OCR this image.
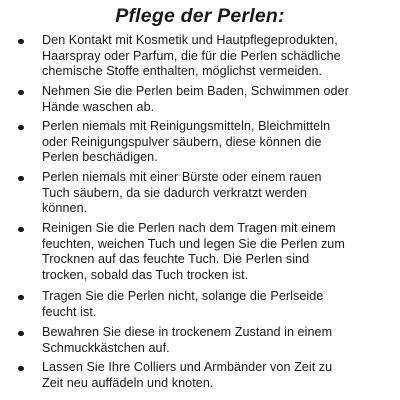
Pflege der Perlen:
Den Kontakt mit Kosmetik und Hautpflegeprodukten,
Haarspray oder Parfum, die für die Perlen schädliche
chemische Stoffe enthalten, möglichst vermeiden.
Nehmen Sie die Perlen beim Baden, Schwimmen oder
Hände waschen ab.
Perlen niemals mit Reinigungsmitteln, Bleichmitteln
oder Reinigungspulver säubern, diese können die
Perlen beschädigen.
Perlen niemals mit einer Bürste oder einem rauen
Tuch säubern, da sie dadurch verkratzt werden
können.
Reinigen Sie die Perlen nach dem Tragen mit einem
feuchten, weichen Tuch und legen Sie die Perlen zum
Trocknen auf das feuchte Tuch. Die Perlen sind
trocken, sobald das Tuch trocken ist.
Tragen Sie die Perlen nicht, solange die Perlseide
feucht ist.
Bewahren Sie diese in trockenem Zustand in einem
Schmuckkästchen auf.
Lassen Sie Ihre Colliers und Armbänder von Zeit zu
Zeit neu auffädeln und knoten.
